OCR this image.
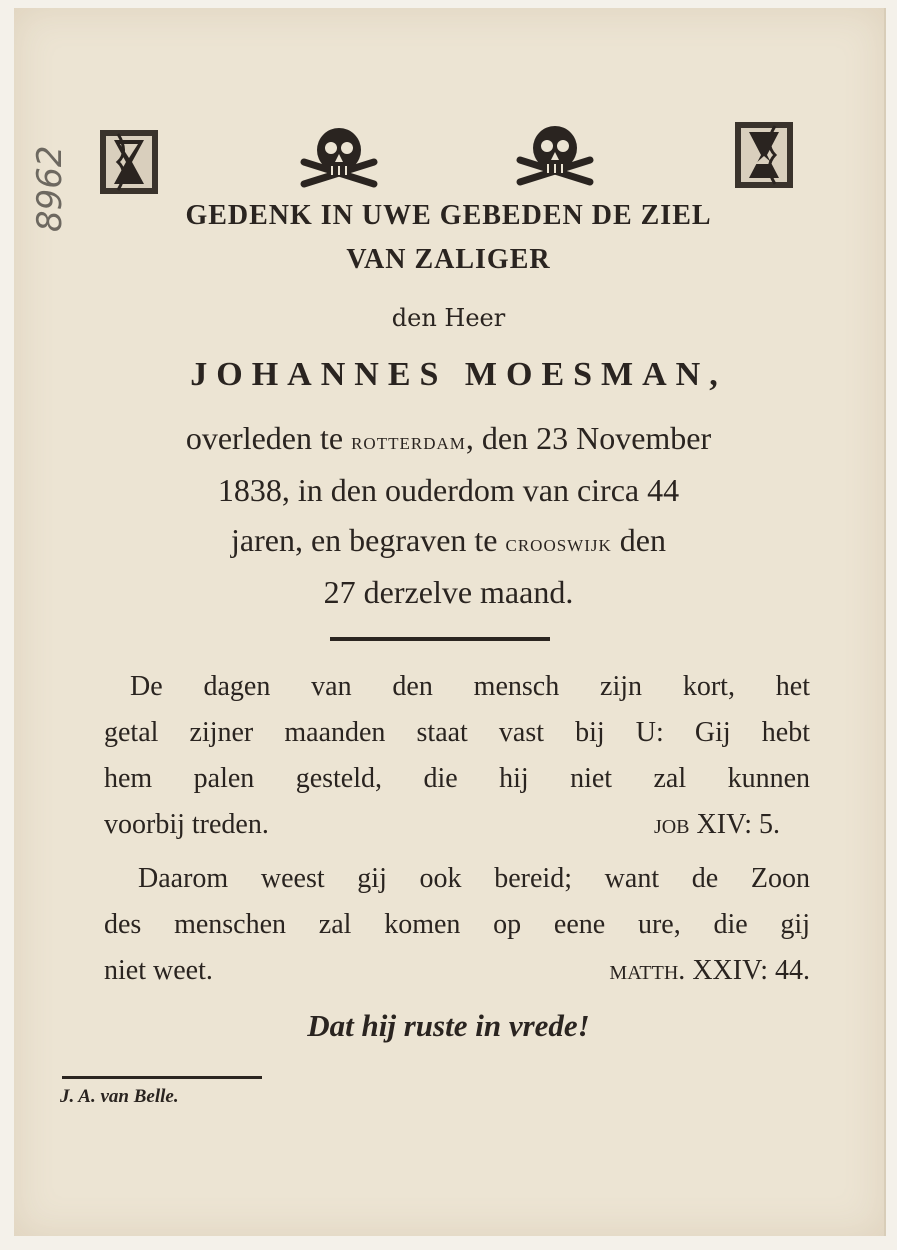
8962	GEDENK IN UWE GEBEDEN DE ZIEL
VAN ZALIGER
den Heer
JOHANNES MOESMAN,
overleden te rotterdam, den 23 November
1838, in den ouderdom van circa 44
jaren, en begraven te crooswijk den
27 derzelve maand.
De dagen van den mensch zijn kort, het
getal zijner maanden staat vast bij U: Gij hebt
hem palen gesteld, die hij niet zal kunnen
voorbij treden.	job XIV: 5.
Daarom weest gij ook bereid; want de Zoon
des menschen zal komen op eene ure, die gij
niet weet.	matth. XXIV: 44.
Dat hij ruste in vrede!
J. A. van Belle.
